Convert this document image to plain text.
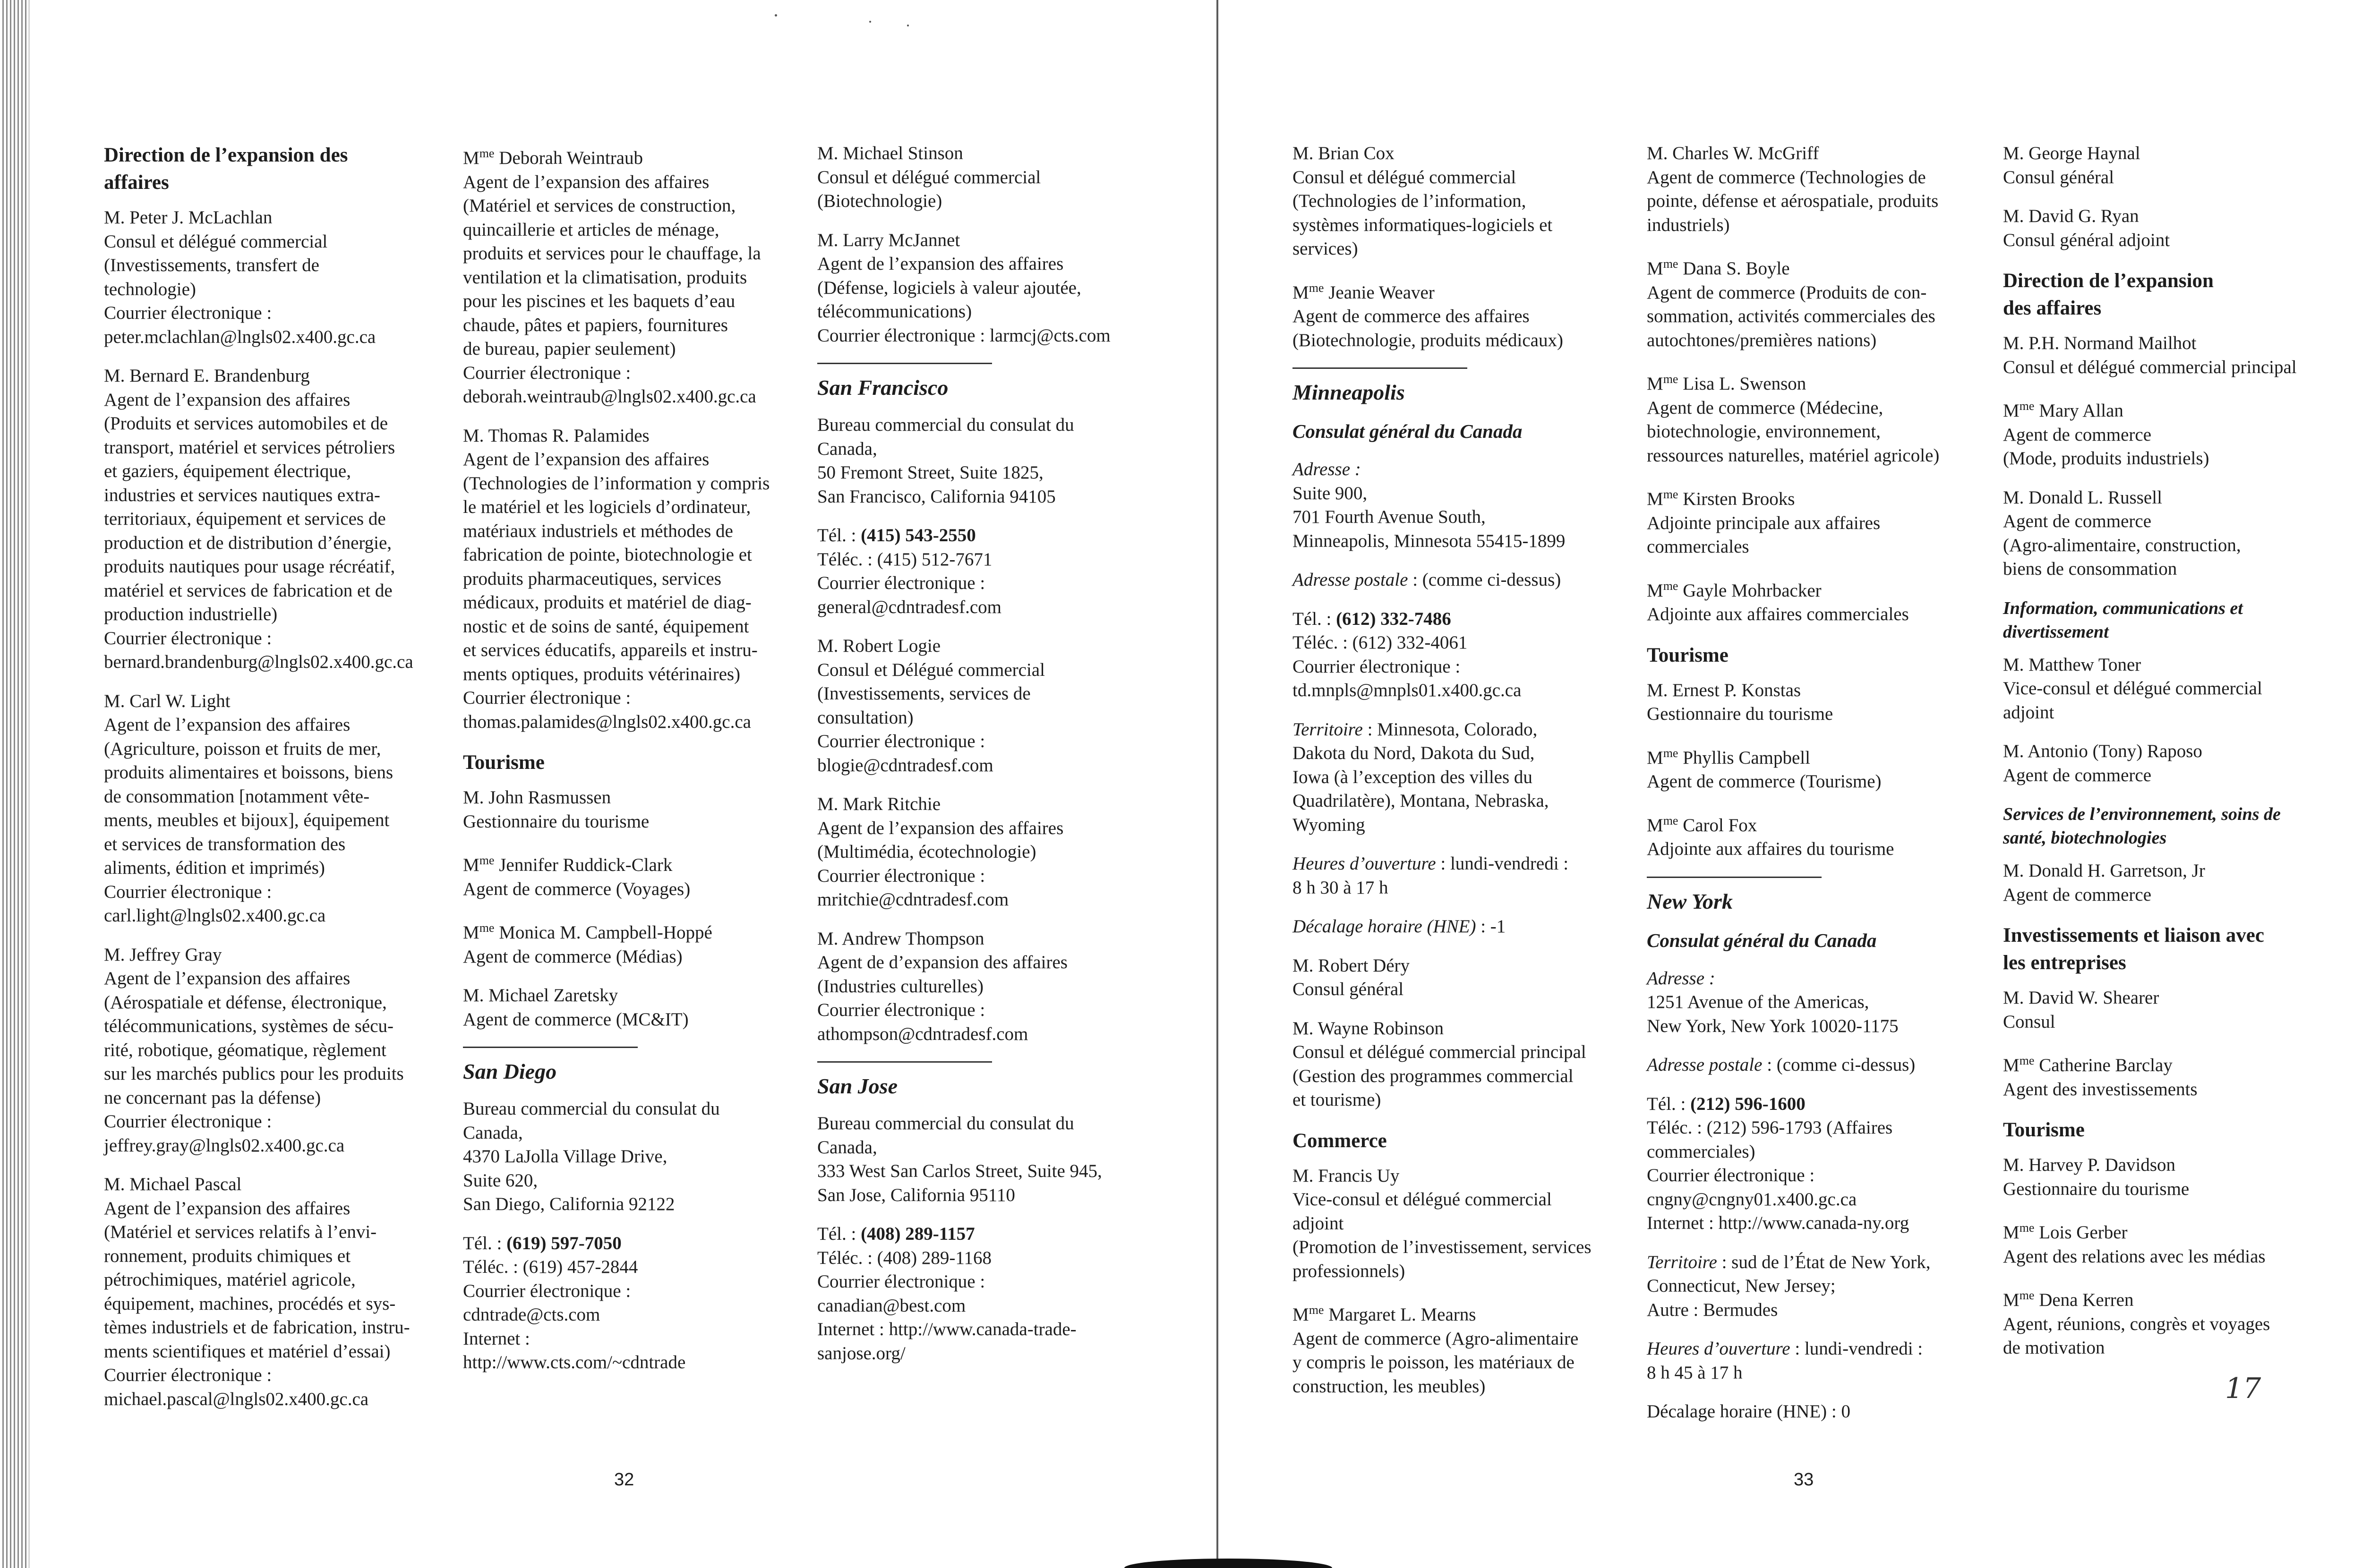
Direction de l’expansion des
affaires
M. Peter J. McLachlan
Consul et délégué commercial
(Investissements, transfert de
technologie)
Courrier électronique :
peter.mclachlan@lngls02.x400.gc.ca
M. Bernard E. Brandenburg
Agent de l’expansion des affaires
(Produits et services automobiles et de
transport, matériel et services pétroliers
et gaziers, équipement électrique,
industries et services nautiques extra-
territoriaux, équipement et services de
production et de distribution d’énergie,
produits nautiques pour usage récréatif,
matériel et services de fabrication et de
production industrielle)
Courrier électronique :
bernard.brandenburg@lngls02.x400.gc.ca
M. Carl W. Light
Agent de l’expansion des affaires
(Agriculture, poisson et fruits de mer,
produits alimentaires et boissons, biens
de consommation [notamment vête-
ments, meubles et bijoux], équipement
et services de transformation des
aliments, édition et imprimés)
Courrier électronique :
carl.light@lngls02.x400.gc.ca
M. Jeffrey Gray
Agent de l’expansion des affaires
(Aérospatiale et défense, électronique,
télécommunications, systèmes de sécu-
rité, robotique, géomatique, règlement
sur les marchés publics pour les produits
ne concernant pas la défense)
Courrier électronique :
jeffrey.gray@lngls02.x400.gc.ca
M. Michael Pascal
Agent de l’expansion des affaires
(Matériel et services relatifs à l’envi-
ronnement, produits chimiques et
pétrochimiques, matériel agricole,
équipement, machines, procédés et sys-
tèmes industriels et de fabrication, instru-
ments scientifiques et matériel d’essai)
Courrier électronique :
michael.pascal@lngls02.x400.gc.ca
$M^{me}$ Deborah Weintraub
Agent de l’expansion des affaires
(Matériel et services de construction,
quincaillerie et articles de ménage,
produits et services pour le chauffage, la
ventilation et la climatisation, produits
pour les piscines et les baquets d’eau
chaude, pâtes et papiers, fournitures
de bureau, papier seulement)
Courrier électronique :
deborah.weintraub@lngls02.x400.gc.ca
M. Thomas R. Palamides
Agent de l’expansion des affaires
(Technologies de l’information y compris
le matériel et les logiciels d’ordinateur,
matériaux industriels et méthodes de
fabrication de pointe, biotechnologie et
produits pharmaceutiques, services
médicaux, produits et matériel de diag-
nostic et de soins de santé, équipement
et services éducatifs, appareils et instru-
ments optiques, produits vétérinaires)
Courrier électronique :
thomas.palamides@lngls02.x400.gc.ca
Tourisme
M. John Rasmussen
Gestionnaire du tourisme
$M^{me}$ Jennifer Ruddick-Clark
Agent de commerce (Voyages)
$M^{me}$ Monica M. Campbell-Hoppé
Agent de commerce (Médias)
M. Michael Zaretsky
Agent de commerce (MC&IT)
San Diego
Bureau commercial du consulat du
Canada,
4370 LaJolla Village Drive,
Suite 620,
San Diego, California 92122
Tél. : (619) 597-7050
Téléc. : (619) 457-2844
Courrier électronique :
cdntrade@cts.com
Internet :
http://www.cts.com/~cdntrade
M. Michael Stinson
Consul et délégué commercial
(Biotechnologie)
M. Larry McJannet
Agent de l’expansion des affaires
(Défense, logiciels à valeur ajoutée,
télécommunications)
Courrier électronique : larmcj@cts.com
San Francisco
Bureau commercial du consulat du
Canada,
50 Fremont Street, Suite 1825,
San Francisco, California 94105
Tél. : (415) 543-2550
Téléc. : (415) 512-7671
Courrier électronique :
general@cdntradesf.com
M. Robert Logie
Consul et Délégué commercial
(Investissements, services de
consultation)
Courrier électronique :
blogie@cdntradesf.com
M. Mark Ritchie
Agent de l’expansion des affaires
(Multimédia, écotechnologie)
Courrier électronique :
mritchie@cdntradesf.com
M. Andrew Thompson
Agent de d’expansion des affaires
(Industries culturelles)
Courrier électronique :
athompson@cdntradesf.com
San Jose
Bureau commercial du consulat du
Canada,
333 West San Carlos Street, Suite 945,
San Jose, California 95110
Tél. : (408) 289-1157
Téléc. : (408) 289-1168
Courrier électronique :
canadian@best.com
Internet : http://www.canada-trade-
sanjose.org/
M. Brian Cox
Consul et délégué commercial
(Technologies de l’information,
systèmes informatiques-logiciels et
services)
$M^{me}$ Jeanie Weaver
Agent de commerce des affaires
(Biotechnologie, produits médicaux)
Minneapolis
Consulat général du Canada
Adresse :
Suite 900,
701 Fourth Avenue South,
Minneapolis, Minnesota 55415-1899
Adresse postale : (comme ci-dessus)
Tél. : (612) 332-7486
Téléc. : (612) 332-4061
Courrier électronique :
td.mnpls@mnpls01.x400.gc.ca
Territoire : Minnesota, Colorado,
Dakota du Nord, Dakota du Sud,
Iowa (à l’exception des villes du
Quadrilatère), Montana, Nebraska,
Wyoming
Heures d’ouverture : lundi-vendredi :
8 h 30 à 17 h
Décalage horaire (HNE) : -1
M. Robert Déry
Consul général
M. Wayne Robinson
Consul et délégué commercial principal
(Gestion des programmes commercial
et tourisme)
Commerce
M. Francis Uy
Vice-consul et délégué commercial
adjoint
(Promotion de l’investissement, services
professionnels)
$M^{me}$ Margaret L. Mearns
Agent de commerce (Agro-alimentaire
y compris le poisson, les matériaux de
construction, les meubles)
M. Charles W. McGriff
Agent de commerce (Technologies de
pointe, défense et aérospatiale, produits
industriels)
$M^{me}$ Dana S. Boyle
Agent de commerce (Produits de con-
sommation, activités commerciales des
autochtones/premières nations)
$M^{me}$ Lisa L. Swenson
Agent de commerce (Médecine,
biotechnologie, environnement,
ressources naturelles, matériel agricole)
$M^{me}$ Kirsten Brooks
Adjointe principale aux affaires
commerciales
$M^{me}$ Gayle Mohrbacker
Adjointe aux affaires commerciales
Tourisme
M. Ernest P. Konstas
Gestionnaire du tourisme
$M^{me}$ Phyllis Campbell
Agent de commerce (Tourisme)
$M^{me}$ Carol Fox
Adjointe aux affaires du tourisme
New York
Consulat général du Canada
Adresse :
1251 Avenue of the Americas,
New York, New York 10020-1175
Adresse postale : (comme ci-dessus)
Tél. : (212) 596-1600
Téléc. : (212) 596-1793 (Affaires
commerciales)
Courrier électronique :
cngny@cngny01.x400.gc.ca
Internet : http://www.canada-ny.org
Territoire : sud de l’État de New York,
Connecticut, New Jersey;
Autre : Bermudes
Heures d’ouverture : lundi-vendredi :
8 h 45 à 17 h
Décalage horaire (HNE) : 0
M. George Haynal
Consul général
M. David G. Ryan
Consul général adjoint
Direction de l’expansion
des affaires
M. P.H. Normand Mailhot
Consul et délégué commercial principal
$M^{me}$ Mary Allan
Agent de commerce
(Mode, produits industriels)
M. Donald L. Russell
Agent de commerce
(Agro-alimentaire, construction,
biens de consommation
Information, communications et
divertissement
M. Matthew Toner
Vice-consul et délégué commercial
adjoint
M. Antonio (Tony) Raposo
Agent de commerce
Services de l’environnement, soins de
santé, biotechnologies
M. Donald H. Garretson, Jr
Agent de commerce
Investissements et liaison avec
les entreprises
M. David W. Shearer
Consul
$M^{me}$ Catherine Barclay
Agent des investissements
Tourisme
M. Harvey P. Davidson
Gestionnaire du tourisme
$M^{me}$ Lois Gerber
Agent des relations avec les médias
$M^{me}$ Dena Kerren
Agent, réunions, congrès et voyages
de motivation
32	33
17
